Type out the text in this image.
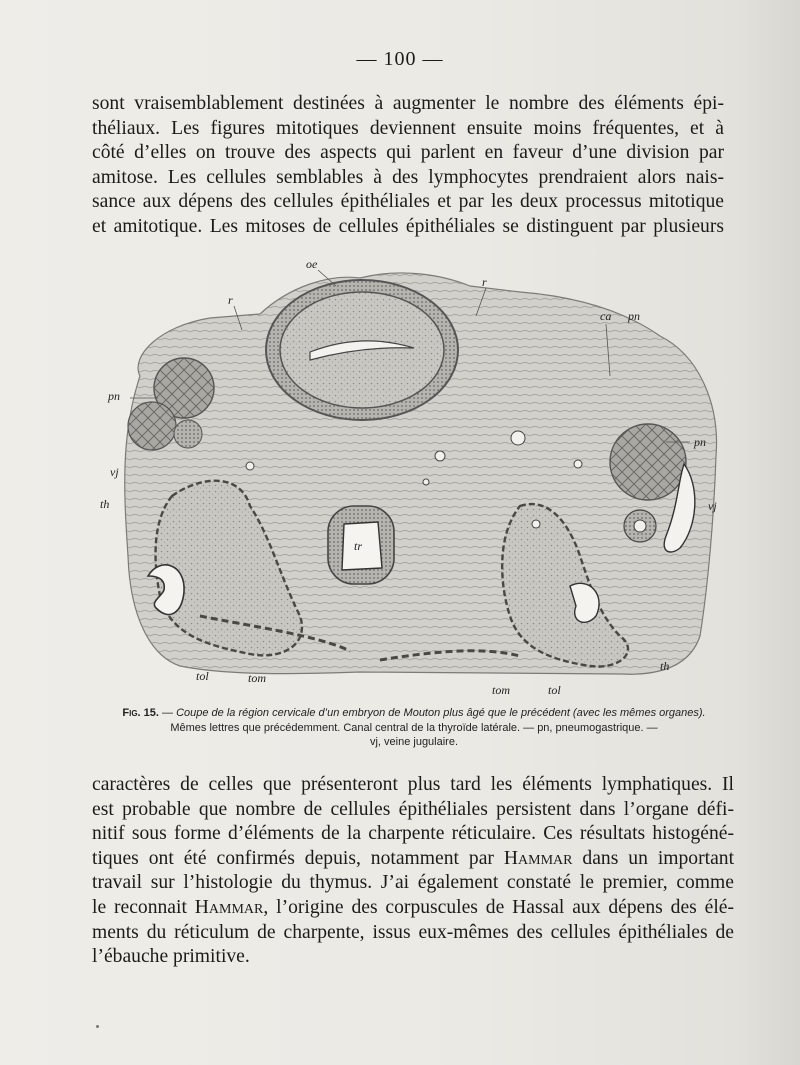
— 100 —

sont vraisemblablement destinées à augmenter le nombre des éléments épi-
théliaux. Les figures mitotiques deviennent ensuite moins fréquentes, et à
côté d’elles on trouve des aspects qui parlent en faveur d’une division par
amitose. Les cellules semblables à des lymphocytes prendraient alors nais-
sance aux dépens des cellules épithéliales et par les deux processus mitotique
et amitotique. Les mitoses de cellules épithéliales se distinguent par plusieurs

oe
r
r
ca pn
pn
pn
vj
th	vj
tr
th
tol	tom
tom	tol
Fig. 15. — Coupe de la région cervicale d’un embryon de Mouton plus âgé que le précédent (avec les mêmes organes).
Mêmes lettres que précédemment. Canal central de la thyroïde latérale. — pn, pneumogastrique. —
vj, veine jugulaire.

caractères de celles que présenteront plus tard les éléments lymphatiques. Il
est probable que nombre de cellules épithéliales persistent dans l’organe défi-
nitif sous forme d’éléments de la charpente réticulaire. Ces résultats histogéné-
tiques ont été confirmés depuis, notamment par Hammar dans un important
travail sur l’histologie du thymus. J’ai également constaté le premier, comme
le reconnait Hammar, l’origine des corpuscules de Hassal aux dépens des élé-
ments du réticulum de charpente, issus eux-mêmes des cellules épithéliales de
l’ébauche primitive.
